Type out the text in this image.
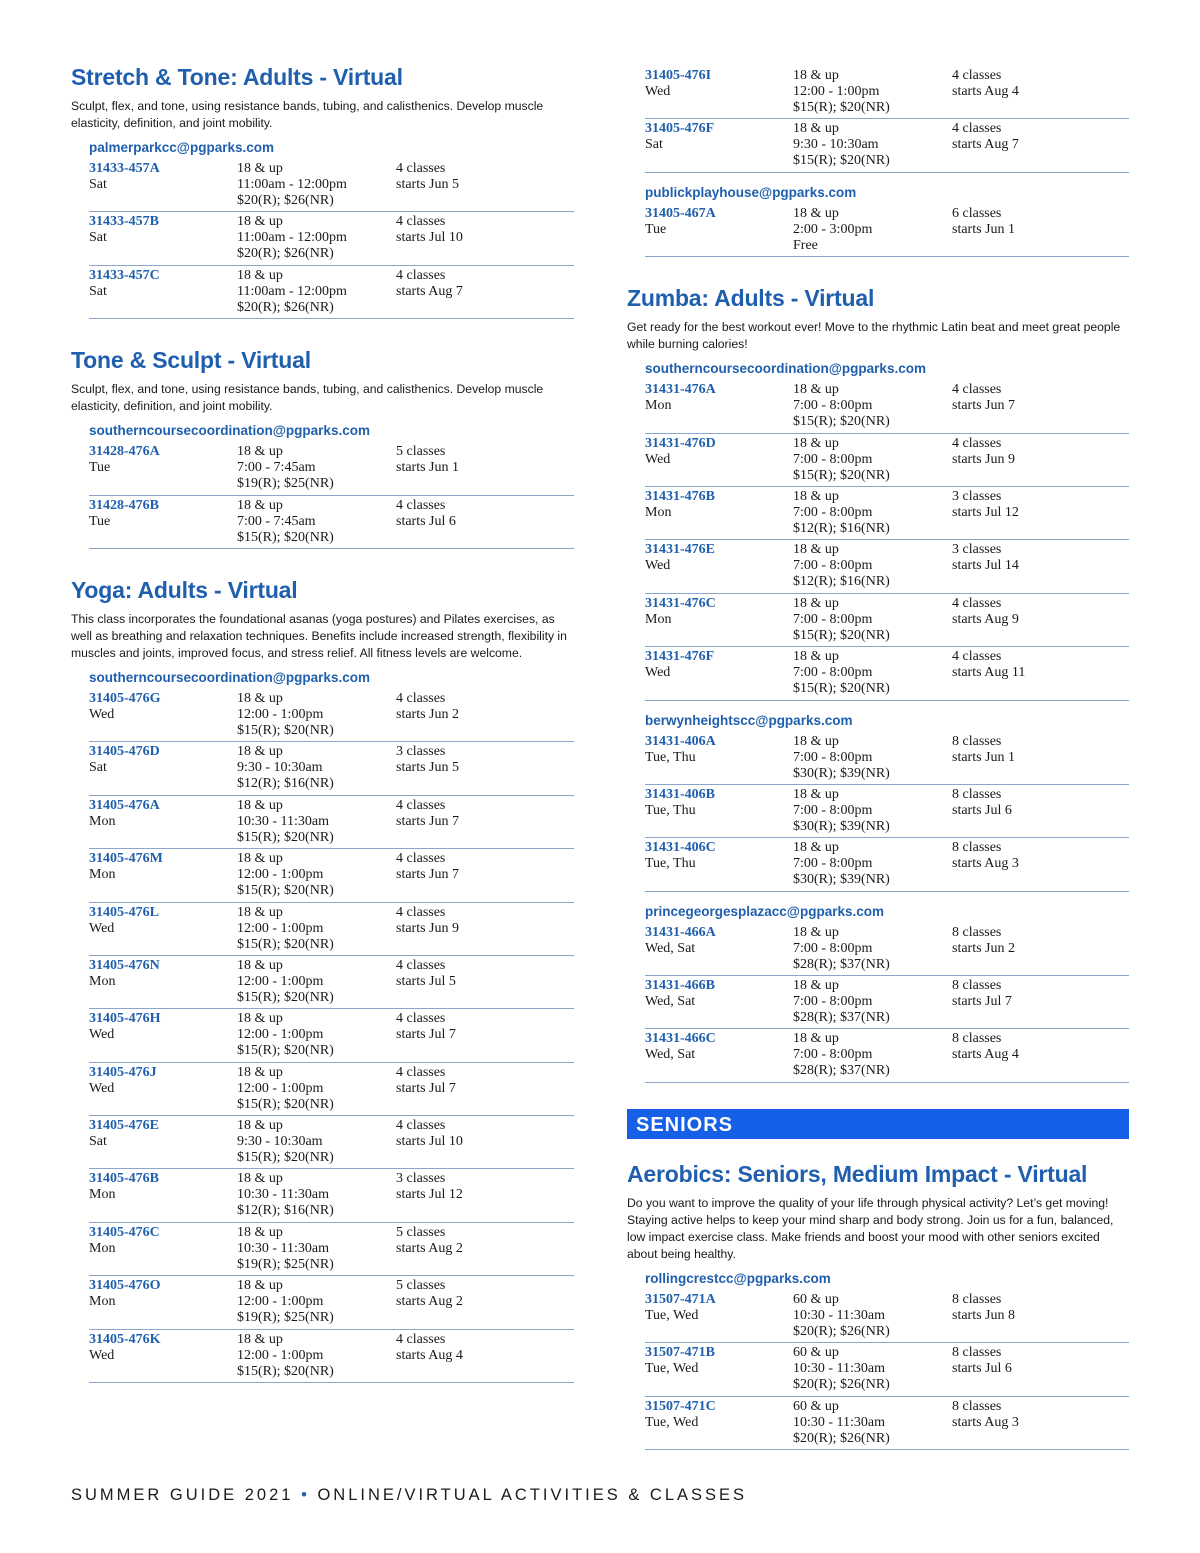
Stretch & Tone: Adults - Virtual
Sculpt, flex, and tone, using resistance bands, tubing, and calisthenics. Develop muscle elasticity, definition, and joint mobility.
palmerparkcc@pgparks.com
31433-457A
Sat
18 & up
11:00am - 12:00pm
$20(R); $26(NR)
4 classes
starts Jun 5
31433-457B
Sat
18 & up
11:00am - 12:00pm
$20(R); $26(NR)
4 classes
starts Jul 10
31433-457C
Sat
18 & up
11:00am - 12:00pm
$20(R); $26(NR)
4 classes
starts Aug 7
Tone & Sculpt - Virtual
Sculpt, flex, and tone, using resistance bands, tubing, and calisthenics. Develop muscle elasticity, definition, and joint mobility.
southerncoursecoordination@pgparks.com
31428-476A
Tue
18 & up
7:00 - 7:45am
$19(R); $25(NR)
5 classes
starts Jun 1
31428-476B
Tue
18 & up
7:00 - 7:45am
$15(R); $20(NR)
4 classes
starts Jul 6
Yoga: Adults - Virtual
This class incorporates the foundational asanas (yoga postures) and Pilates exercises, as well as breathing and relaxation techniques. Benefits include increased strength, flexibility in muscles and joints, improved focus, and stress relief. All fitness levels are welcome.
southerncoursecoordination@pgparks.com
31405-476G
Wed
18 & up
12:00 - 1:00pm
$15(R); $20(NR)
4 classes
starts Jun 2
31405-476D
Sat
18 & up
9:30 - 10:30am
$12(R); $16(NR)
3 classes
starts Jun 5
31405-476A
Mon
18 & up
10:30 - 11:30am
$15(R); $20(NR)
4 classes
starts Jun 7
31405-476M
Mon
18 & up
12:00 - 1:00pm
$15(R); $20(NR)
4 classes
starts Jun 7
31405-476L
Wed
18 & up
12:00 - 1:00pm
$15(R); $20(NR)
4 classes
starts Jun 9
31405-476N
Mon
18 & up
12:00 - 1:00pm
$15(R); $20(NR)
4 classes
starts Jul 5
31405-476H
Wed
18 & up
12:00 - 1:00pm
$15(R); $20(NR)
4 classes
starts Jul 7
31405-476J
Wed
18 & up
12:00 - 1:00pm
$15(R); $20(NR)
4 classes
starts Jul 7
31405-476E
Sat
18 & up
9:30 - 10:30am
$15(R); $20(NR)
4 classes
starts Jul 10
31405-476B
Mon
18 & up
10:30 - 11:30am
$12(R); $16(NR)
3 classes
starts Jul 12
31405-476C
Mon
18 & up
10:30 - 11:30am
$19(R); $25(NR)
5 classes
starts Aug 2
31405-476O
Mon
18 & up
12:00 - 1:00pm
$19(R); $25(NR)
5 classes
starts Aug 2
31405-476K
Wed
18 & up
12:00 - 1:00pm
$15(R); $20(NR)
4 classes
starts Aug 4
31405-476I
Wed
18 & up
12:00 - 1:00pm
$15(R); $20(NR)
4 classes
starts Aug 4
31405-476F
Sat
18 & up
9:30 - 10:30am
$15(R); $20(NR)
4 classes
starts Aug 7
publickplayhouse@pgparks.com
31405-467A
Tue
18 & up
2:00 - 3:00pm
Free
6 classes
starts Jun 1
Zumba: Adults - Virtual
Get ready for the best workout ever! Move to the rhythmic Latin beat and meet great people while burning calories!
southerncoursecoordination@pgparks.com
31431-476A
Mon
18 & up
7:00 - 8:00pm
$15(R); $20(NR)
4 classes
starts Jun 7
31431-476D
Wed
18 & up
7:00 - 8:00pm
$15(R); $20(NR)
4 classes
starts Jun 9
31431-476B
Mon
18 & up
7:00 - 8:00pm
$12(R); $16(NR)
3 classes
starts Jul 12
31431-476E
Wed
18 & up
7:00 - 8:00pm
$12(R); $16(NR)
3 classes
starts Jul 14
31431-476C
Mon
18 & up
7:00 - 8:00pm
$15(R); $20(NR)
4 classes
starts Aug 9
31431-476F
Wed
18 & up
7:00 - 8:00pm
$15(R); $20(NR)
4 classes
starts Aug 11
berwynheightscc@pgparks.com
31431-406A
Tue, Thu
18 & up
7:00 - 8:00pm
$30(R); $39(NR)
8 classes
starts Jun 1
31431-406B
Tue, Thu
18 & up
7:00 - 8:00pm
$30(R); $39(NR)
8 classes
starts Jul 6
31431-406C
Tue, Thu
18 & up
7:00 - 8:00pm
$30(R); $39(NR)
8 classes
starts Aug 3
princegeorgesplazacc@pgparks.com
31431-466A
Wed, Sat
18 & up
7:00 - 8:00pm
$28(R); $37(NR)
8 classes
starts Jun 2
31431-466B
Wed, Sat
18 & up
7:00 - 8:00pm
$28(R); $37(NR)
8 classes
starts Jul 7
31431-466C
Wed, Sat
18 & up
7:00 - 8:00pm
$28(R); $37(NR)
8 classes
starts Aug 4
SENIORS
Aerobics: Seniors, Medium Impact - Virtual
Do you want to improve the quality of your life through physical activity? Let’s get moving! Staying active helps to keep your mind sharp and body strong. Join us for a fun, balanced, low impact exercise class. Make friends and boost your mood with other seniors excited about being healthy.
rollingcrestcc@pgparks.com
31507-471A
Tue, Wed
60 & up
10:30 - 11:30am
$20(R); $26(NR)
8 classes
starts Jun 8
31507-471B
Tue, Wed
60 & up
10:30 - 11:30am
$20(R); $26(NR)
8 classes
starts Jul 6
31507-471C
Tue, Wed
60 & up
10:30 - 11:30am
$20(R); $26(NR)
8 classes
starts Aug 3
SUMMER GUIDE 2021 • ONLINE/VIRTUAL ACTIVITIES & CLASSES
